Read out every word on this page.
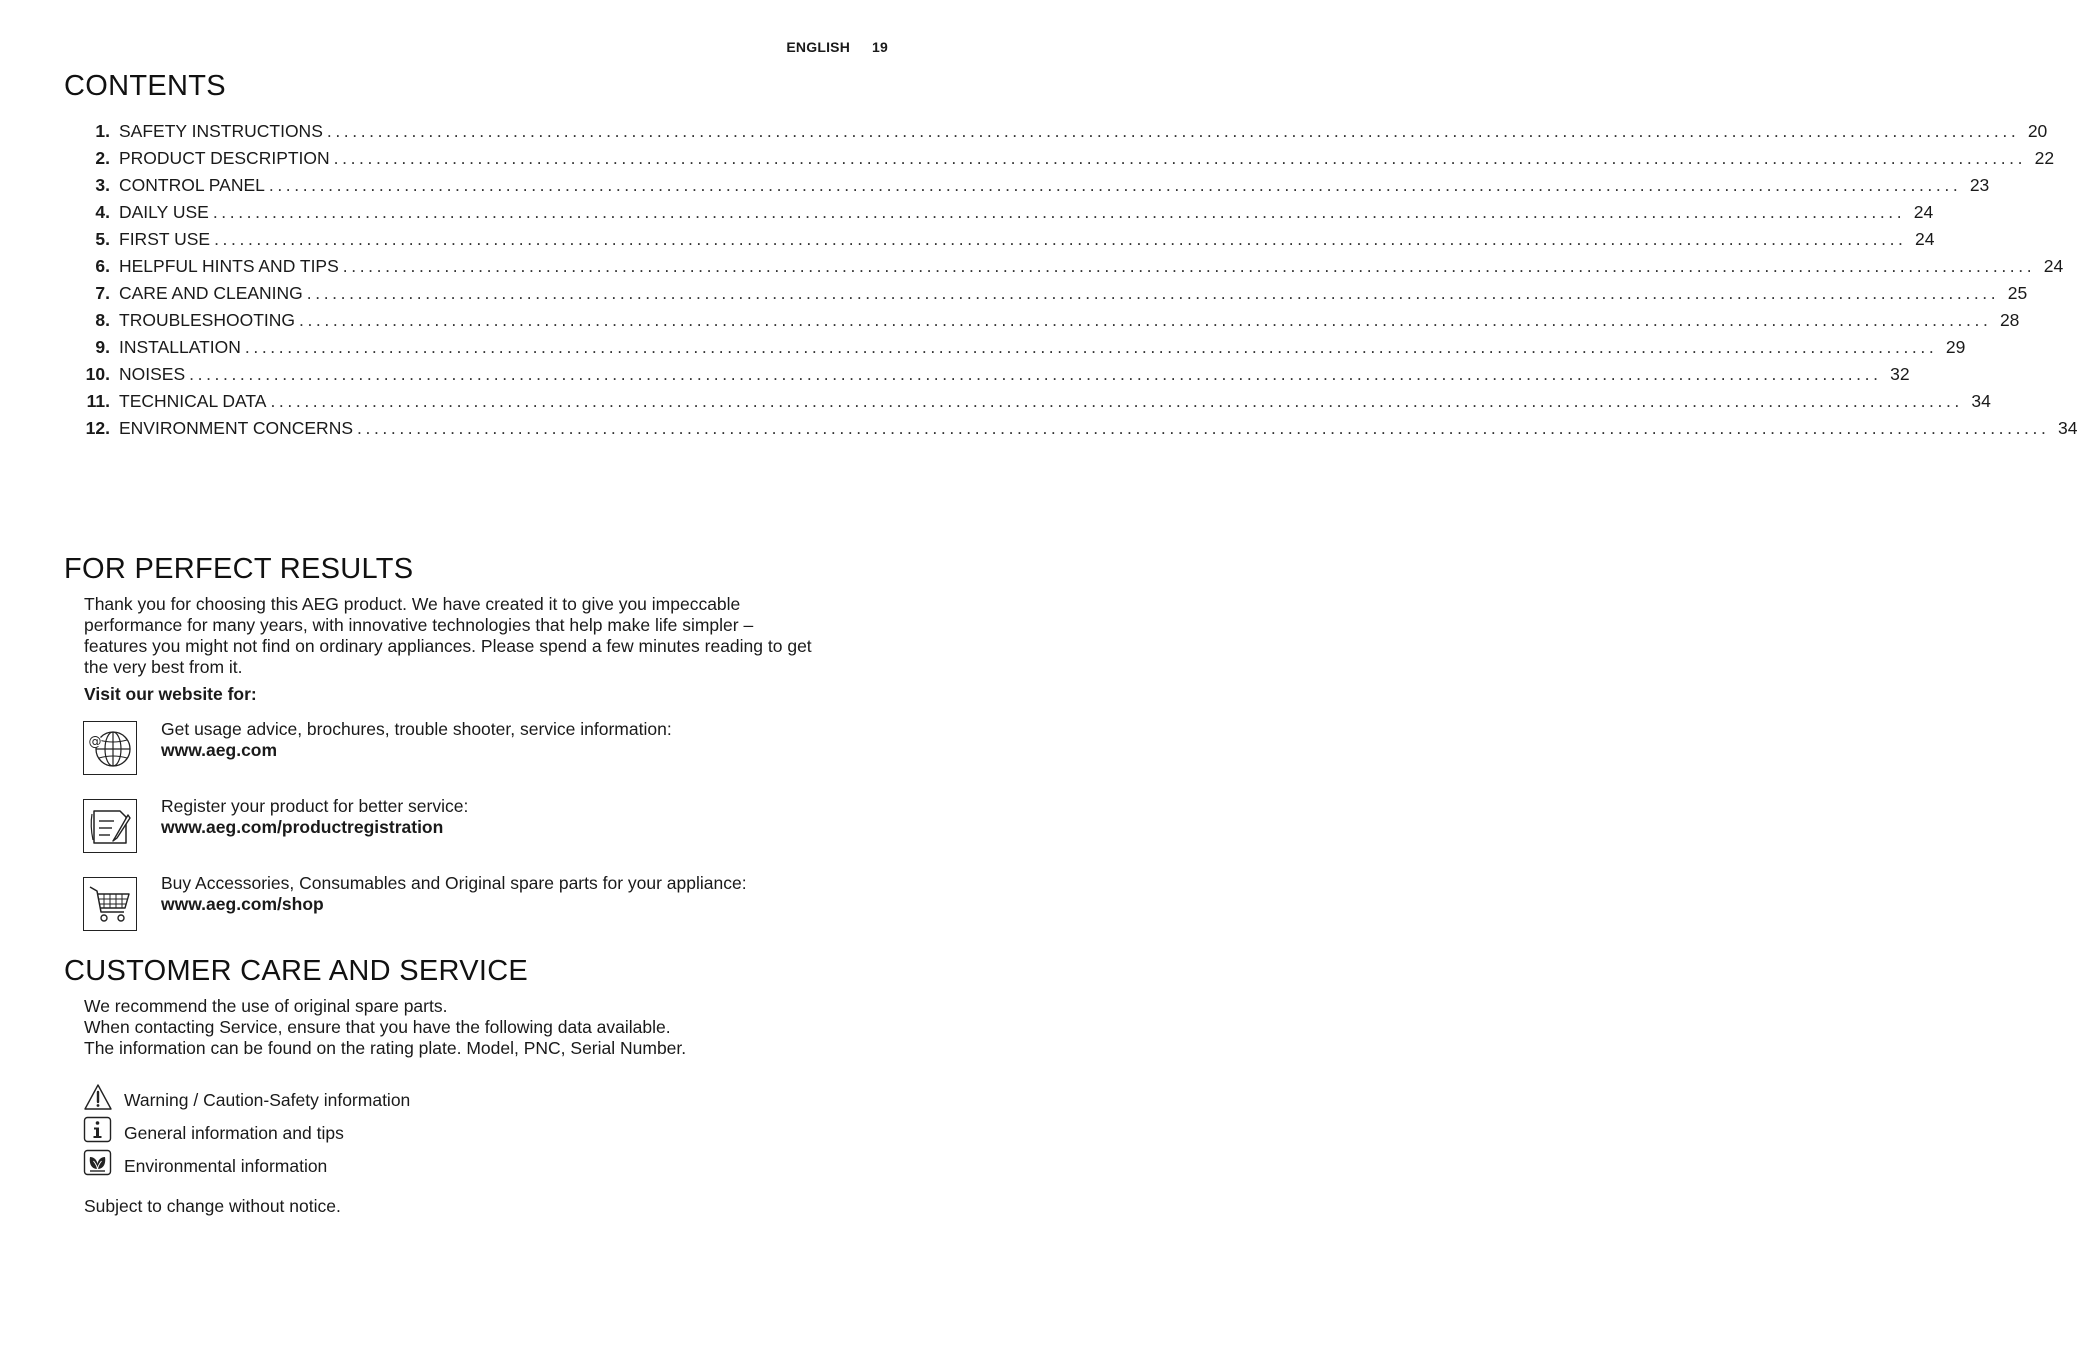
ENGLISH 19
CONTENTS
1. SAFETY INSTRUCTIONS ........................................................................................................................................................................................................ 20
2. PRODUCT DESCRIPTION ........................................................................................................................................................................................................ 22
3. CONTROL PANEL ........................................................................................................................................................................................................ 23
4. DAILY USE ........................................................................................................................................................................................................ 24
5. FIRST USE ........................................................................................................................................................................................................ 24
6. HELPFUL HINTS AND TIPS ........................................................................................................................................................................................................ 24
7. CARE AND CLEANING ........................................................................................................................................................................................................ 25
8. TROUBLESHOOTING ........................................................................................................................................................................................................ 28
9. INSTALLATION ........................................................................................................................................................................................................ 29
10. NOISES ........................................................................................................................................................................................................ 32
11. TECHNICAL DATA ........................................................................................................................................................................................................ 34
12. ENVIRONMENT CONCERNS ........................................................................................................................................................................................................ 34
FOR PERFECT RESULTS
Thank you for choosing this AEG product. We have created it to give you impeccable
performance for many years, with innovative technologies that help make life simpler –
features you might not find on ordinary appliances. Please spend a few minutes reading to get
the very best from it.
Visit our website for:
@
Get usage advice, brochures, trouble shooter, service information:
www.aeg.com
Register your product for better service:
www.aeg.com/productregistration
Buy Accessories, Consumables and Original spare parts for your appliance:
www.aeg.com/shop
CUSTOMER CARE AND SERVICE
We recommend the use of original spare parts.
When contacting Service, ensure that you have the following data available.
The information can be found on the rating plate. Model, PNC, Serial Number.
Warning / Caution-Safety information
General information and tips
Environmental information
Subject to change without notice.
